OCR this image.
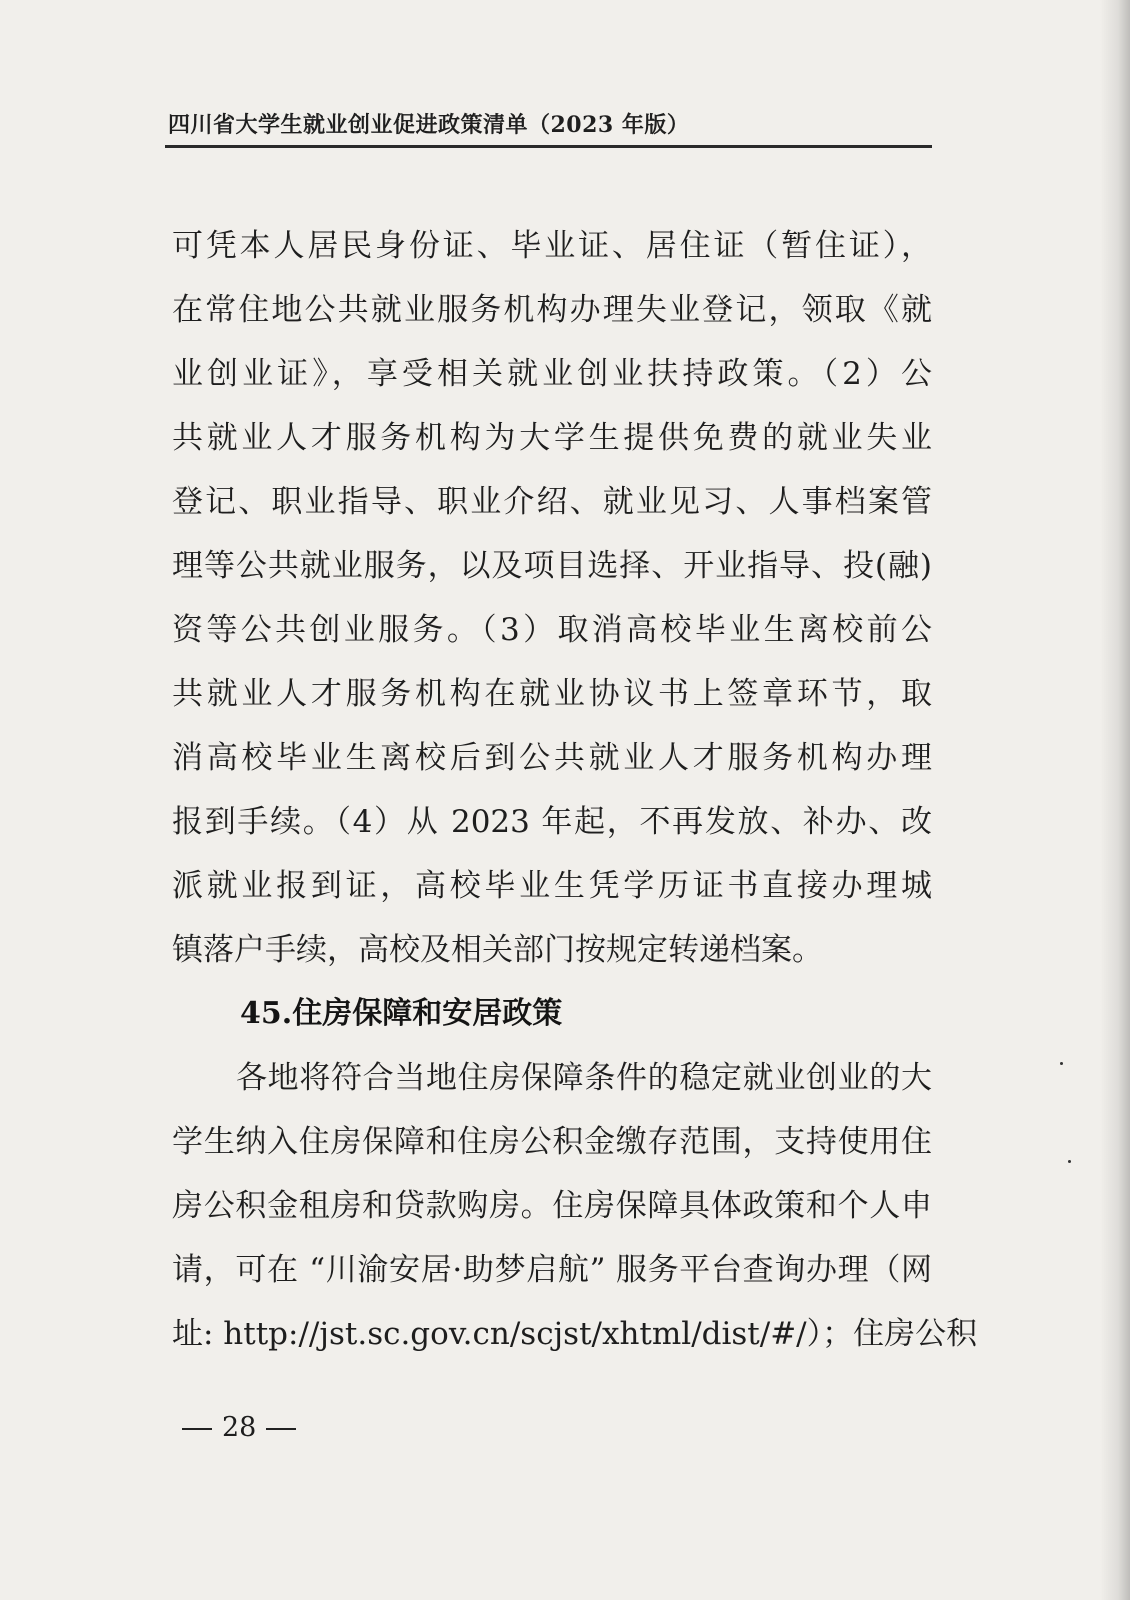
四川省大学生就业创业促进政策清单（2023 年版）
可凭本人居民身份证、毕业证、居住证（暂住证），
在常住地公共就业服务机构办理失业登记，领取《就
业创业证》，享受相关就业创业扶持政策。（2）公
共就业人才服务机构为大学生提供免费的就业失业
登记、职业指导、职业介绍、就业见习、人事档案管
理等公共就业服务，以及项目选择、开业指导、投(融)
资等公共创业服务。（3）取消高校毕业生离校前公
共就业人才服务机构在就业协议书上签章环节，取
消高校毕业生离校后到公共就业人才服务机构办理
报到手续。（4）从 2023 年起，不再发放、补办、改
派就业报到证，高校毕业生凭学历证书直接办理城
镇落户手续，高校及相关部门按规定转递档案。
45.住房保障和安居政策
各地将符合当地住房保障条件的稳定就业创业的大
学生纳入住房保障和住房公积金缴存范围，支持使用住
房公积金租房和贷款购房。住房保障具体政策和个人申
请，可在 “川渝安居·助梦启航” 服务平台查询办理（网
址: http://jst.sc.gov.cn/scjst/xhtml/dist/#/）；住房公积
28
